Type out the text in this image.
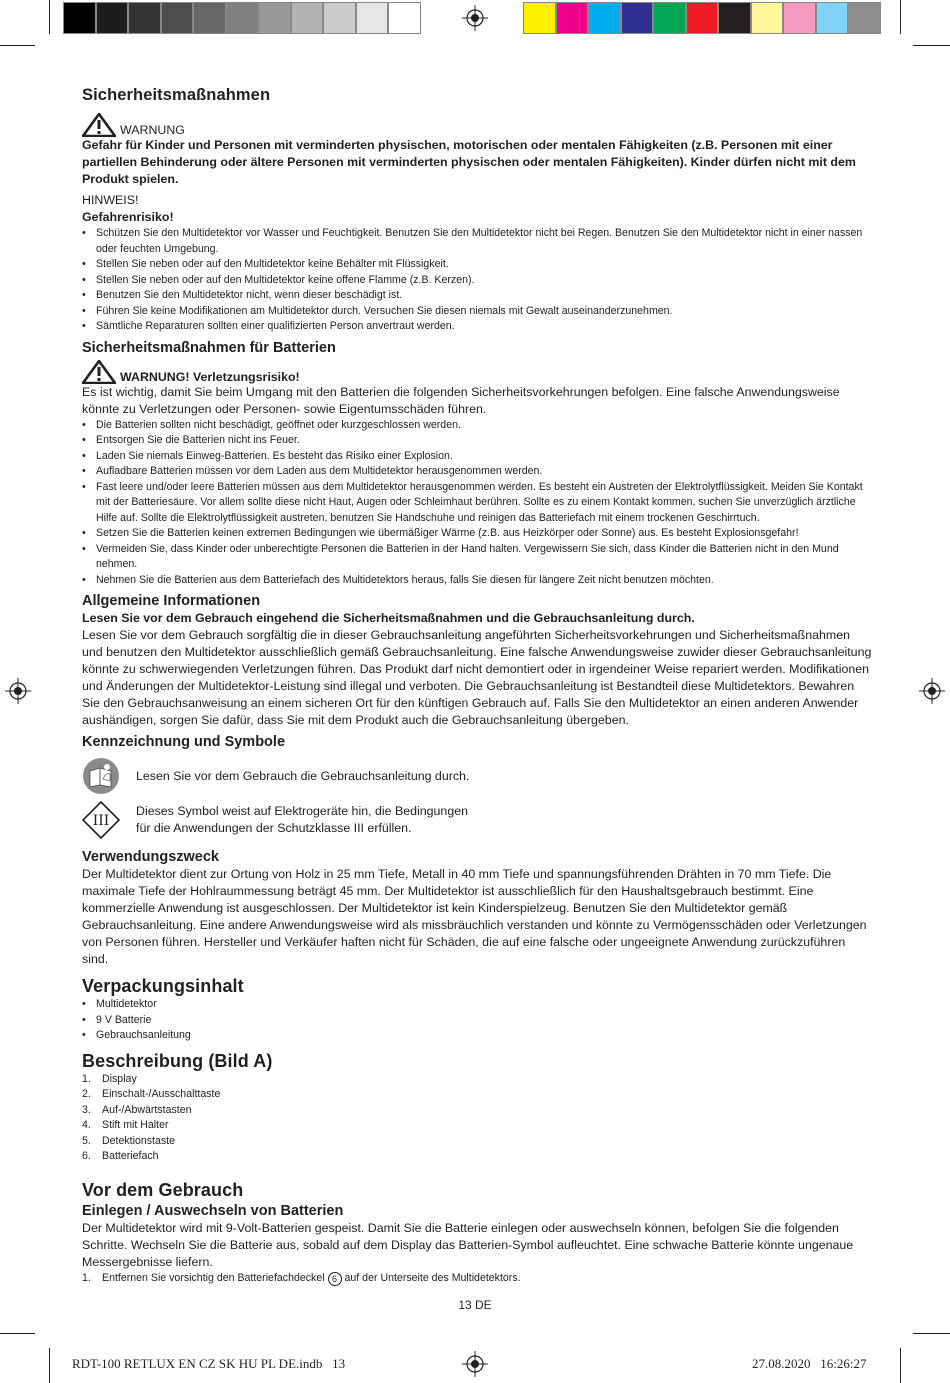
Sicherheitsmaßnahmen
WARNUNG

Gefahr für Kinder und Personen mit verminderten physischen, motorischen oder mentalen Fähigkeiten (z.B. Personen mit einer partiellen Behinderung oder ältere Personen mit verminderten physischen oder mentalen Fähigkeiten). Kinder dürfen nicht mit dem Produkt spielen.

HINWEIS!

Gefahrenrisiko!

• Schützen Sie den Multidetektor vor Wasser und Feuchtigkeit. Benutzen Sie den Multidetektor nicht bei Regen. Benutzen Sie den Multidetektor nicht in einer nassen oder feuchten Umgebung.
• Stellen Sie neben oder auf den Multidetektor keine Behälter mit Flüssigkeit.
• Stellen Sie neben oder auf den Multidetektor keine offene Flamme (z.B. Kerzen).
• Benutzen Sie den Multidetektor nicht, wenn dieser beschädigt ist.
• Führen Sie keine Modifikationen am Multidetektor durch. Versuchen Sie diesen niemals mit Gewalt auseinanderzunehmen.
• Sämtliche Reparaturen sollten einer qualifizierten Person anvertraut werden.
Sicherheitsmaßnahmen für Batterien
WARNUNG! Verletzungsrisiko!

Es ist wichtig, damit Sie beim Umgang mit den Batterien die folgenden Sicherheitsvorkehrungen befolgen. Eine falsche Anwendungsweise könnte zu Verletzungen oder Personen- sowie Eigentumsschäden führen.

• Die Batterien sollten nicht beschädigt, geöffnet oder kurzgeschlossen werden.
• Entsorgen Sie die Batterien nicht ins Feuer.
• Laden Sie niemals Einweg-Batterien. Es besteht das Risiko einer Explosion.
• Aufladbare Batterien müssen vor dem Laden aus dem Multidetektor herausgenommen werden.
• Fast leere und/oder leere Batterien müssen aus dem Multidetektor herausgenommen werden. Es besteht ein Austreten der Elektrolytflüssigkeit. Meiden Sie Kontakt mit der Batteriesäure. Vor allem sollte diese nicht Haut, Augen oder Schleimhaut berühren. Sollte es zu einem Kontakt kommen, suchen Sie unverzüglich ärztliche Hilfe auf. Sollte die Elektrolytflüssigkeit austreten, benutzen Sie Handschuhe und reinigen das Batteriefach mit einem trockenen Geschirrtuch.
• Setzen Sie die Batterien keinen extremen Bedingungen wie übermäßiger Wärme (z.B. aus Heizkörper oder Sonne) aus. Es besteht Explosionsgefahr!
• Vermeiden Sie, dass Kinder oder unberechtigte Personen die Batterien in der Hand halten. Vergewissern Sie sich, dass Kinder die Batterien nicht in den Mund nehmen.
• Nehmen Sie die Batterien aus dem Batteriefach des Multidetektors heraus, falls Sie diesen für längere Zeit nicht benutzen möchten.
Allgemeine Informationen

Lesen Sie vor dem Gebrauch eingehend die Sicherheitsmaßnahmen und die Gebrauchsanleitung durch.

Lesen Sie vor dem Gebrauch sorgfältig die in dieser Gebrauchsanleitung angeführten Sicherheitsvorkehrungen und Sicherheitsmaßnahmen und benutzen den Multidetektor ausschließlich gemäß Gebrauchsanleitung. Eine falsche Anwendungsweise zuwider dieser Gebrauchsanleitung könnte zu schwerwiegenden Verletzungen führen. Das Produkt darf nicht demontiert oder in irgendeiner Weise repariert werden. Modifikationen und Änderungen der Multidetektor-Leistung sind illegal und verboten. Die Gebrauchsanleitung ist Bestandteil diese Multidetektors. Bewahren Sie den Gebrauchsanweisung an einem sicheren Ort für den künftigen Gebrauch auf. Falls Sie den Multidetektor an einen anderen Anwender aushändigen, sorgen Sie dafür, dass Sie mit dem Produkt auch die Gebrauchsanleitung übergeben.

Kennzeichnung und Symbole
Lesen Sie vor dem Gebrauch die Gebrauchsanleitung durch.
III
Dieses Symbol weist auf Elektrogeräte hin, die Bedingungen
für die Anwendungen der Schutzklasse III erfüllen.
Verwendungszweck

Der Multidetektor dient zur Ortung von Holz in 25 mm Tiefe, Metall in 40 mm Tiefe und spannungsführenden Drähten in 70 mm Tiefe. Die maximale Tiefe der Hohlraummessung beträgt 45 mm. Der Multidetektor ist ausschließlich für den Haushaltsgebrauch bestimmt. Eine kommerzielle Anwendung ist ausgeschlossen. Der Multidetektor ist kein Kinderspielzeug. Benutzen Sie den Multidetektor gemäß Gebrauchsanleitung. Eine andere Anwendungsweise wird als missbräuchlich verstanden und könnte zu Vermögensschäden oder Verletzungen von Personen führen. Hersteller und Verkäufer haften nicht für Schäden, die auf eine falsche oder ungeeignete Anwendung zurückzuführen sind.

Verpackungsinhalt
• Multidetektor
• 9 V Batterie
• Gebrauchsanleitung
Beschreibung (Bild A)
1. Display
2. Einschalt-/Ausschalttaste
3. Auf-/Abwärtstasten
4. Stift mit Halter
5. Detektionstaste
6. Batteriefach
Vor dem Gebrauch
Einlegen / Auswechseln von Batterien

Der Multidetektor wird mit 9-Volt-Batterien gespeist. Damit Sie die Batterie einlegen oder auswechseln können, befolgen Sie die folgenden Schritte. Wechseln Sie die Batterie aus, sobald auf dem Display das Batterien-Symbol aufleuchtet. Eine schwache Batterie könnte ungenaue Messergebnisse liefern.

1. Entfernen Sie vorsichtig den Batteriefachdeckel 6 auf der Unterseite des Multidetektors.
13 DE
RDT-100 RETLUX EN CZ SK HU PL DE.indb   13	27.08.2020   16:26:27
